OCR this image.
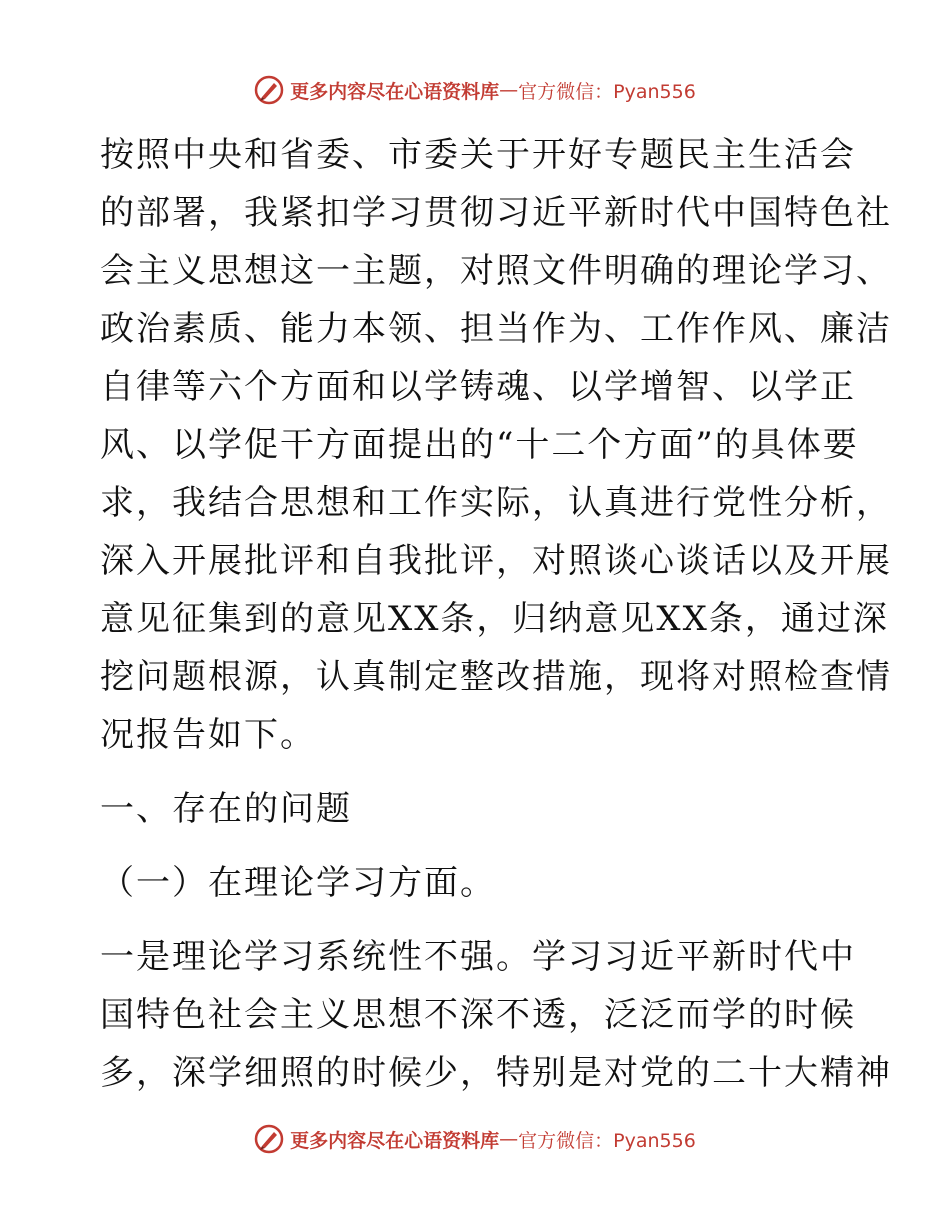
更多内容尽在心语资料库 — 官方微信：Pyan556
按照中央和省委、市委关于开好专题民主生活会
的部署，我紧扣学习贯彻习近平新时代中国特色社
会主义思想这一主题，对照文件明确的理论学习、
政治素质、能力本领、担当作为、工作作风、廉洁
自律等六个方面和以学铸魂、以学增智、以学正
风、以学促干方面提出的“十二个方面”的具体要
求，我结合思想和工作实际，认真进行党性分析，
深入开展批评和自我批评，对照谈心谈话以及开展
意见征集到的意见XX条，归纳意见XX条，通过深
挖问题根源，认真制定整改措施，现将对照检查情
况报告如下。
一、存在的问题
（一）在理论学习方面。
一是理论学习系统性不强。学习习近平新时代中
国特色社会主义思想不深不透，泛泛而学的时候
多，深学细照的时候少，特别是对党的二十大精神
更多内容尽在心语资料库 — 官方微信：Pyan556
